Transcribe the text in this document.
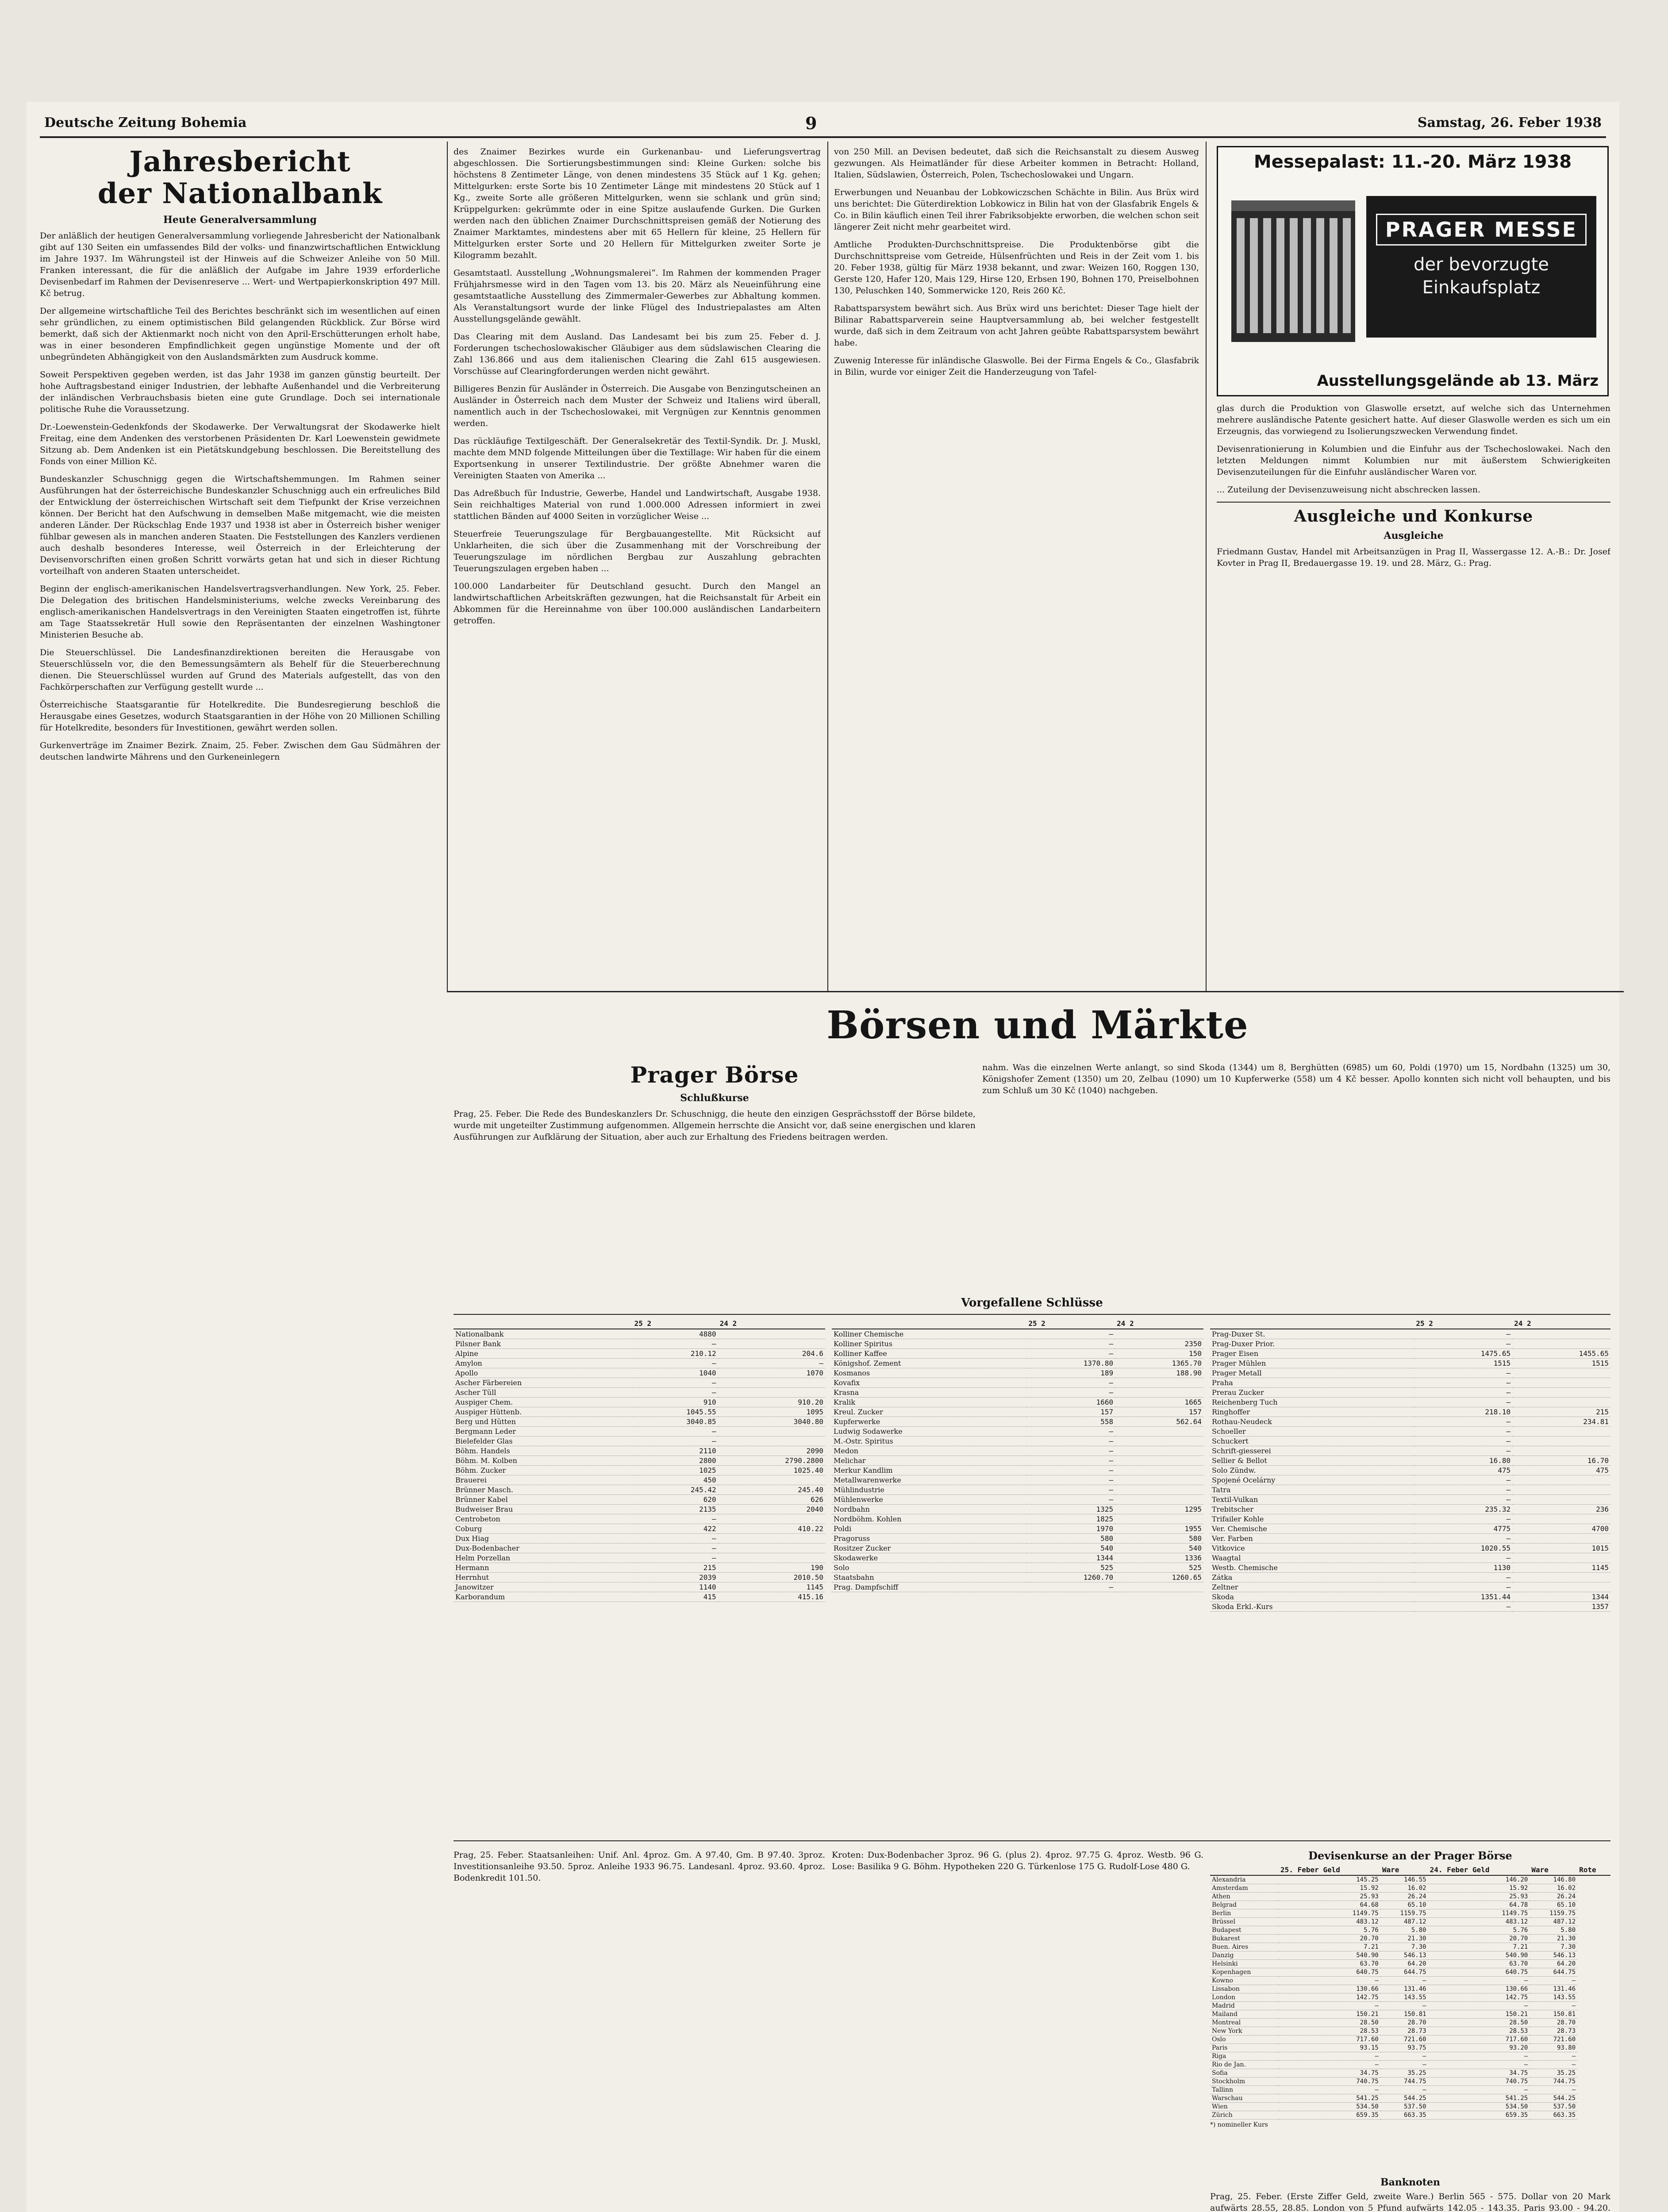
Deutsche Zeitung Bohemia	9	Samstag, 26. Feber 1938
Jahresbericht
der Nationalbank
Heute Generalversammlung

Der anläßlich der heutigen Generalversammlung vorliegende Jahresbericht der Nationalbank gibt auf 130 Seiten ein umfassendes Bild der volks- und finanzwirtschaftlichen Entwicklung im Jahre 1937. Im Währungsteil ist der Hinweis auf die Schweizer Anleihe von 50 Mill. Franken interessant, die für die anläßlich der Aufgabe im Jahre 1939 erforderliche Devisenbedarf im Rahmen der Devisenreserve ... Wert- und Wertpapierkonskription 497 Mill. Kč betrug.

Der allgemeine wirtschaftliche Teil des Berichtes beschränkt sich im wesentlichen auf einen sehr gründlichen, zu einem optimistischen Bild gelangenden Rückblick. Zur Börse wird bemerkt, daß sich der Aktienmarkt noch nicht von den April-Erschütterungen erholt habe, was in einer besonderen Empfindlichkeit gegen ungünstige Momente und der oft unbegründeten Abhängigkeit von den Auslandsmärkten zum Ausdruck komme.

Soweit Perspektiven gegeben werden, ist das Jahr 1938 im ganzen günstig beurteilt. Der hohe Auftragsbestand einiger Industrien, der lebhafte Außenhandel und die Verbreiterung der inländischen Verbrauchsbasis bieten eine gute Grundlage. Doch sei internationale politische Ruhe die Voraussetzung.

Dr.-Loewenstein-Gedenkfonds der Skodawerke. Der Verwaltungsrat der Skodawerke hielt Freitag, eine dem Andenken des verstorbenen Präsidenten Dr. Karl Loewenstein gewidmete Sitzung ab. Dem Andenken ist ein Pietätskundgebung beschlossen. Die Bereitstellung des Fonds von einer Million Kč.

Bundeskanzler Schuschnigg gegen die Wirtschaftshemmungen. Im Rahmen seiner Ausführungen hat der österreichische Bundeskanzler Schuschnigg auch ein erfreuliches Bild der Entwicklung der österreichischen Wirtschaft seit dem Tiefpunkt der Krise verzeichnen können. Der Bericht hat den Aufschwung in demselben Maße mitgemacht, wie die meisten anderen Länder. Der Rückschlag Ende 1937 und 1938 ist aber in Österreich bisher weniger fühlbar gewesen als in manchen anderen Staaten. Die Feststellungen des Kanzlers verdienen auch deshalb besonderes Interesse, weil Österreich in der Erleichterung der Devisenvorschriften einen großen Schritt vorwärts getan hat und sich in dieser Richtung vorteilhaft von anderen Staaten unterscheidet.

Beginn der englisch-amerikanischen Handelsvertragsverhandlungen. New York, 25. Feber. Die Delegation des britischen Handelsministeriums, welche zwecks Vereinbarung des englisch-amerikanischen Handelsvertrags in den Vereinigten Staaten eingetroffen ist, führte am Tage Staatssekretär Hull sowie den Repräsentanten der einzelnen Washingtoner Ministerien Besuche ab.

Die Steuerschlüssel. Die Landesfinanzdirektionen bereiten die Herausgabe von Steuerschlüsseln vor, die den Bemessungsämtern als Behelf für die Steuerberechnung dienen. Die Steuerschlüssel wurden auf Grund des Materials aufgestellt, das von den Fachkörperschaften zur Verfügung gestellt wurde ...

Österreichische Staatsgarantie für Hotelkredite. Die Bundesregierung beschloß die Herausgabe eines Gesetzes, wodurch Staatsgarantien in der Höhe von 20 Millionen Schilling für Hotelkredite, besonders für Investitionen, gewährt werden sollen.

Gurkenverträge im Znaimer Bezirk. Znaim, 25. Feber. Zwischen dem Gau Südmähren der deutschen landwirte Mährens und den Gurkeneinlegern

des Znaimer Bezirkes wurde ein Gurkenanbau- und Lieferungsvertrag abgeschlossen. Die Sortierungsbestimmungen sind: Kleine Gurken: solche bis höchstens 8 Zentimeter Länge, von denen mindestens 35 Stück auf 1 Kg. gehen; Mittelgurken: erste Sorte bis 10 Zentimeter Länge mit mindestens 20 Stück auf 1 Kg., zweite Sorte alle größeren Mittelgurken, wenn sie schlank und grün sind; Krüppelgurken: gekrümmte oder in eine Spitze auslaufende Gurken. Die Gurken werden nach den üblichen Znaimer Durchschnittspreisen gemäß der Notierung des Znaimer Marktamtes, mindestens aber mit 65 Hellern für kleine, 25 Hellern für Mittelgurken erster Sorte und 20 Hellern für Mittelgurken zweiter Sorte je Kilogramm bezahlt.

Gesamtstaatl. Ausstellung „Wohnungsmalerei“. Im Rahmen der kommenden Prager Frühjahrsmesse wird in den Tagen vom 13. bis 20. März als Neueinführung eine gesamtstaatliche Ausstellung des Zimmermaler-Gewerbes zur Abhaltung kommen. Als Veranstaltungsort wurde der linke Flügel des Industriepalastes am Alten Ausstellungsgelände gewählt.

Das Clearing mit dem Ausland. Das Landesamt bei bis zum 25. Feber d. J. Forderungen tschechoslowakischer Gläubiger aus dem südslawischen Clearing die Zahl 136.866 und aus dem italienischen Clearing die Zahl 615 ausgewiesen. Vorschüsse auf Clearingforderungen werden nicht gewährt.

Billigeres Benzin für Ausländer in Österreich. Die Ausgabe von Benzingutscheinen an Ausländer in Österreich nach dem Muster der Schweiz und Italiens wird überall, namentlich auch in der Tschechoslowakei, mit Vergnügen zur Kenntnis genommen werden.

Das rückläufige Textilgeschäft. Der Generalsekretär des Textil-Syndik. Dr. J. Muskl, machte dem MND folgende Mitteilungen über die Textillage: Wir haben für die einem Exportsenkung in unserer Textilindustrie. Der größte Abnehmer waren die Vereinigten Staaten von Amerika ...

Das Adreßbuch für Industrie, Gewerbe, Handel und Landwirtschaft, Ausgabe 1938. Sein reichhaltiges Material von rund 1.000.000 Adressen informiert in zwei stattlichen Bänden auf 4000 Seiten in vorzüglicher Weise ...

Steuerfreie Teuerungszulage für Bergbauangestellte. Mit Rücksicht auf Unklarheiten, die sich über die Zusammenhang mit der Vorschreibung der Teuerungszulage im nördlichen Bergbau zur Auszahlung gebrachten Teuerungszulagen ergeben haben ...

100.000 Landarbeiter für Deutschland gesucht. Durch den Mangel an landwirtschaftlichen Arbeitskräften gezwungen, hat die Reichsanstalt für Arbeit ein Abkommen für die Hereinnahme von über 100.000 ausländischen Landarbeitern getroffen.

von 250 Mill. an Devisen bedeutet, daß sich die Reichsanstalt zu diesem Ausweg gezwungen. Als Heimatländer für diese Arbeiter kommen in Betracht: Holland, Italien, Südslawien, Österreich, Polen, Tschechoslowakei und Ungarn.

Erwerbungen und Neuanbau der Lobkowiczschen Schächte in Bilin. Aus Brüx wird uns berichtet: Die Güterdirektion Lobkowicz in Bilin hat von der Glasfabrik Engels & Co. in Bilin käuflich einen Teil ihrer Fabriksobjekte erworben, die welchen schon seit längerer Zeit nicht mehr gearbeitet wird.

Amtliche Produkten-Durchschnittspreise. Die Produktenbörse gibt die Durchschnittspreise vom Getreide, Hülsenfrüchten und Reis in der Zeit vom 1. bis 20. Feber 1938, gültig für März 1938 bekannt, und zwar: Weizen 160, Roggen 130, Gerste 120, Hafer 120, Mais 129, Hirse 120, Erbsen 190, Bohnen 170, Preiselbohnen 130, Peluschken 140, Sommerwicke 120, Reis 260 Kč.

Rabattsparsystem bewährt sich. Aus Brüx wird uns berichtet: Dieser Tage hielt der Bilinar Rabattsparverein seine Hauptversammlung ab, bei welcher festgestellt wurde, daß sich in dem Zeitraum von acht Jahren geübte Rabattsparsystem bewährt habe.

Zuwenig Interesse für inländische Glaswolle. Bei der Firma Engels & Co., Glasfabrik in Bilin, wurde vor einiger Zeit die Handerzeugung von Tafel-

Messepalast: 11.-20. März 1938
PRAGER MESSE
der bevorzugte
Einkaufsplatz
Ausstellungsgelände ab 13. März

glas durch die Produktion von Glaswolle ersetzt, auf welche sich das Unternehmen mehrere ausländische Patente gesichert hatte. Auf dieser Glaswolle werden es sich um ein Erzeugnis, das vorwiegend zu Isolierungszwecken Verwendung findet.

Devisenrationierung in Kolumbien und die Einfuhr aus der Tschechoslowakei. Nach den letzten Meldungen nimmt Kolumbien nur mit äußerstem Schwierigkeiten Devisenzuteilungen für die Einfuhr ausländischer Waren vor.

... Zuteilung der Devisenzuweisung nicht abschrecken lassen.

Ausgleiche und Konkurse
Ausgleiche

Friedmann Gustav, Handel mit Arbeitsanzügen in Prag II, Wassergasse 12. A.-B.: Dr. Josef Kovter in Prag II, Bredauergasse 19. 19. und 28. März, G.: Prag.

Börsen und Märkte
Prager Börse
Schlußkurse

Prag, 25. Feber. Die Rede des Bundeskanzlers Dr. Schuschnigg, die heute den einzigen Gesprächsstoff der Börse bildete, wurde mit ungeteilter Zustimmung aufgenommen. Allgemein herrschte die Ansicht vor, daß seine energischen und klaren Ausführungen zur Aufklärung der Situation, aber auch zur Erhaltung des Friedens beitragen werden.

nahm. Was die einzelnen Werte anlangt, so sind Skoda (1344) um 8, Berghütten (6985) um 60, Poldi (1970) um 15, Nordbahn (1325) um 30, Königshofer Zement (1350) um 20, Zelbau (1090) um 10 Kupferwerke (558) um 4 Kč besser. Apollo konnten sich nicht voll behaupten, und bis zum Schluß um 30 Kč (1040) nachgeben.

Vorgefallene Schlüsse
	25 2	24 2
Nationalbank	4880	
Pilsner Bank	–	
Alpine	210.12	204.6
Amylon	–	–
Apollo	1040	1070
Ascher Färbereien	–	
Ascher Tüll	–	
Auspiger Chem.	910	910.20
Auspiger Hüttenb.	1045.55	1095
Berg und Hütten	3040.85	3040.80
Bergmann Leder	–	
Bielefelder Glas	–	
Böhm. Handels	2110	2090
Böhm. M. Kolben	2800	2790.2800
Böhm. Zucker	1025	1025.40
Brauerei	450	
Brünner Masch.	245.42	245.40
Brünner Kabel	620	626
Budweiser Brau	2135	2040
Centrobeton	–	
Coburg	422	410.22
Dux Hiag	–	
Dux-Bodenbacher	–	
Helm Porzellan	–	
Hermann	215	190
Herrnhut	2039	2010.50
Janowitzer	1140	1145
Karborandum	415	415.16
	25 2	24 2
Kolliner Chemische	–	
Kolliner Spiritus	–	2350
Kolliner Kaffee	–	150
Königshof. Zement	1370.80	1365.70
Kosmanos	189	188.90
Kovafix	–	
Krasna	–	
Kralik	1660	1665
Kreul. Zucker	157	157
Kupferwerke	558	562.64
Ludwig Sodawerke	–	
M.-Ostr. Spiritus	–	
Medon	–	
Melichar	–	
Merkur Kandlim	–	
Metallwarenwerke	–	
Mühlindustrie	–	
Mühlenwerke	–	
Nordbahn	1325	1295
Nordböhm. Kohlen	1825	
Poldi	1970	1955
Pragoruss	580	580
Rositzer Zucker	540	540
Skodawerke	1344	1336
Solo	525	525
Staatsbahn	1260.70	1260.65
Prag. Dampfschiff	–	
	25 2	24 2
Prag-Duxer St.	–	
Prag-Duxer Prior.	–	
Prager Eisen	1475.65	1455.65
Prager Mühlen	1515	1515
Prager Metall	–	
Praha	–	
Prerau Zucker	–	
Reichenberg Tuch	–	
Ringhoffer	218.10	215
Rothau-Neudeck	–	234.81
Schoeller	–	
Schuckert	–	
Schrift-giesserei	–	
Sellier & Bellot	16.80	16.70
Solo Zündw.	475	475
Spojené Ocelárny	–	
Tatra	–	
Textil-Vulkan	–	
Trebitscher	235.32	236
Trifailer Kohle	–	
Ver. Chemische	4775	4700
Ver. Farben	–	
Vitkovice	1020.55	1015
Waagtal	–	
Westb. Chemische	1130	1145
Zátka	–	
Zeltner	–	
Skoda	1351.44	1344
Skoda Erkl.-Kurs	–	1357

Prag, 25. Feber. Staatsanleihen: Unif. Anl. 4proz. Gm. A 97.40, Gm. B 97.40. 3proz. Investitionsanleihe 93.50. 5proz. Anleihe 1933 96.75. Landesanl. 4proz. 93.60. 4proz. Bodenkredit 101.50.

Kroten: Dux-Bodenbacher 3proz. 96 G. (plus 2). 4proz. 97.75 G. 4proz. Westb. 96 G. Lose: Basilika 9 G. Böhm. Hypotheken 220 G. Türkenlose 175 G. Rudolf-Lose 480 G.

Devisenkurse an der Prager Börse
	25. Feber Geld	Ware	24. Feber Geld	Ware	Rote
Alexandria	145.25	146.55	146.20	146.80	
Amsterdam	15.92	16.02	15.92	16.02	
Athen	25.93	26.24	25.93	26.24	
Belgrad	64.68	65.10	64.78	65.10	
Berlin	1149.75	1159.75	1149.75	1159.75	
Brüssel	483.12	487.12	483.12	487.12	
Budapest	5.76	5.80	5.76	5.80	
Bukarest	20.70	21.30	20.70	21.30	
Buen. Aires	7.21	7.30	7.21	7.30	
Danzig	540.90	546.13	540.90	546.13	
Helsinki	63.70	64.20	63.70	64.20	
Kopenhagen	640.75	644.75	640.75	644.75	
Kowno	–	–	–	–	
Lissabon	130.66	131.46	130.66	131.46	
London	142.75	143.55	142.75	143.55	
Madrid	–	–	–	–	
Mailand	150.21	150.81	150.21	150.81	
Montreal	28.50	28.70	28.50	28.70	
New York	28.53	28.73	28.53	28.73	
Oslo	717.60	721.60	717.60	721.60	
Paris	93.15	93.75	93.20	93.80	
Riga	–	–	–	–	
Rio de Jan.	–	–	–	–	
Sofia	34.75	35.25	34.75	35.25	
Stockholm	740.75	744.75	740.75	744.75	
Tallinn	–	–	–	–	
Warschau	541.25	544.25	541.25	544.25	
Wien	534.50	537.50	534.50	537.50	
Zürich	659.35	663.35	659.35	663.35	
*) nomineller Kurs
Banknoten

Prag, 25. Feber. (Erste Ziffer Geld, zweite Ware.) Berlin 565 - 575. Dollar von 20 Mark aufwärts 28.55, 28.85. London von 5 Pfund aufwärts 142.05 - 143.35. Paris 93.00 - 94.20.
